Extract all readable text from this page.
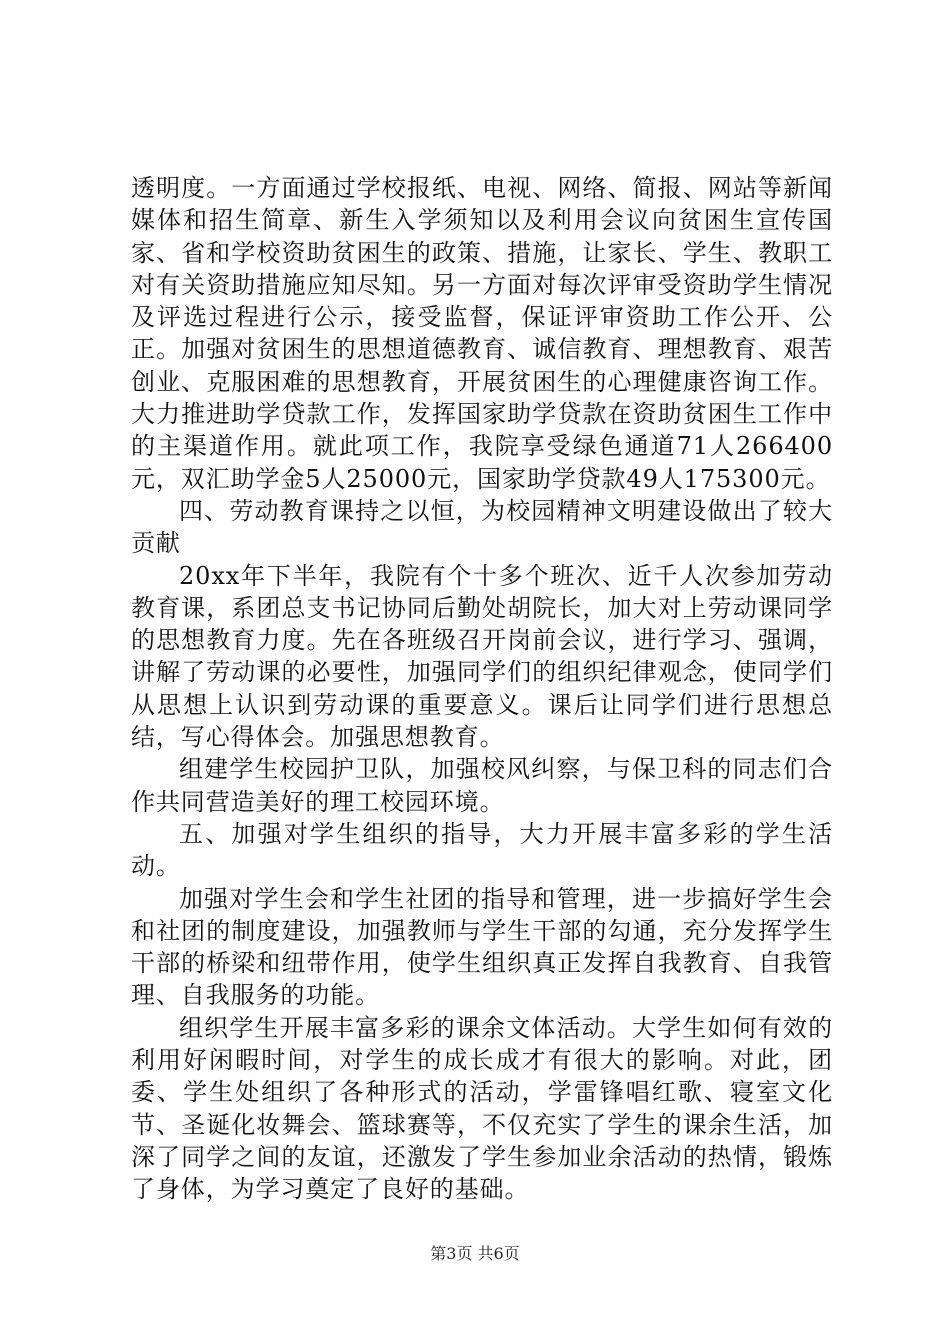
透明度。一方面通过学校报纸、电视、网络、简报、网站等新闻媒体和招生简章、新生入学须知以及利用会议向贫困生宣传国家、省和学校资助贫困生的政策、措施，让家长、学生、教职工对有关资助措施应知尽知。另一方面对每次评审受资助学生情况及评选过程进行公示，接受监督，保证评审资助工作公开、公正。加强对贫困生的思想道德教育、诚信教育、理想教育、艰苦创业、克服困难的思想教育，开展贫困生的心理健康咨询工作。大力推进助学贷款工作，发挥国家助学贷款在资助贫困生工作中的主渠道作用。就此项工作，我院享受绿色通道71人266400元，双汇助学金5人25000元，国家助学贷款49人175300元。

四、劳动教育课持之以恒，为校园精神文明建设做出了较大贡献

20xx年下半年，我院有个十多个班次、近千人次参加劳动教育课，系团总支书记协同后勤处胡院长，加大对上劳动课同学的思想教育力度。先在各班级召开岗前会议，进行学习、强调，讲解了劳动课的必要性，加强同学们的组织纪律观念，使同学们从思想上认识到劳动课的重要意义。课后让同学们进行思想总结，写心得体会。加强思想教育。

组建学生校园护卫队，加强校风纠察，与保卫科的同志们合作共同营造美好的理工校园环境。

五、加强对学生组织的指导，大力开展丰富多彩的学生活动。

加强对学生会和学生社团的指导和管理，进一步搞好学生会和社团的制度建设，加强教师与学生干部的勾通，充分发挥学生干部的桥梁和纽带作用，使学生组织真正发挥自我教育、自我管理、自我服务的功能。

组织学生开展丰富多彩的课余文体活动。大学生如何有效的利用好闲暇时间，对学生的成长成才有很大的影响。对此，团委、学生处组织了各种形式的活动，学雷锋唱红歌、寝室文化节、圣诞化妆舞会、篮球赛等，不仅充实了学生的课余生活，加深了同学之间的友谊，还激发了学生参加业余活动的热情，锻炼了身体，为学习奠定了良好的基础。

第3页 共6页
